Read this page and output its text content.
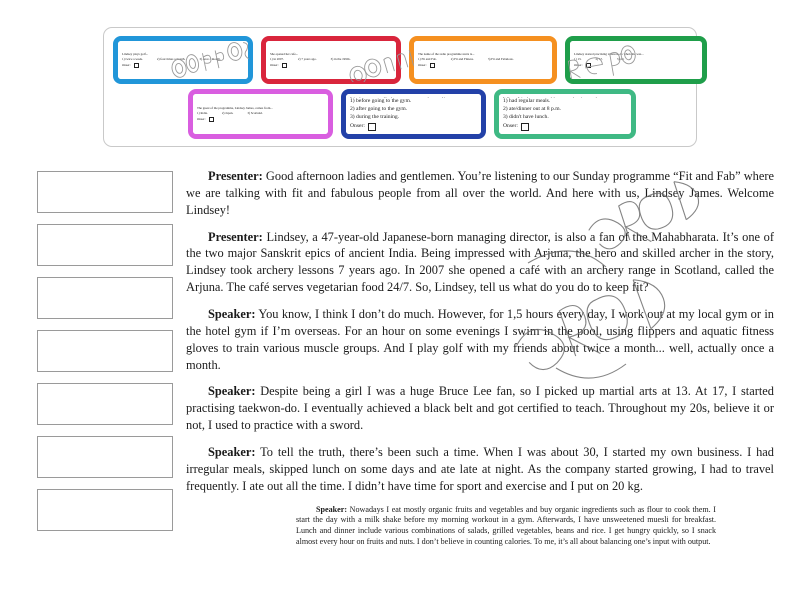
Lindsey plays golf...
1) twice a week.	2) four times a month.	3) once a month.
Onser:
She opened her cafe...
1) in 2007.	2) 7 years ago.	3) in the 1990s.
Onser:
The name of the radio programme starts is...
1) Fit and Fab.	2) Fit and Fitness.	3) Fit and Fabulous.
Onser:
Lindsey started practising taekwon-do when she was...
1) 13.	2) 17.	3) 20.
Onser:
The guest of the programme, Lindsey James, comes from...
1) India.	2) Japan.	3) Scotland.
Onser:
1) before going to the gym.
2) after going to the gym.
3) during the training.
Onser:
1) had regular meals.
2) ate/dinner out at 8 p.m.
3) didn't have lunch.
Onser:

Presenter: Good afternoon ladies and gentlemen. You’re listening to our Sunday programme “Fit and Fab” where we are talking with fit and fabulous people from all over the world. And here with us, Lindsey James. Welcome Lindsey!

Presenter: Lindsey, a 47-year-old Japanese-born managing director, is also a fan of the Mahabharata. It’s one of the two major Sanskrit epics of ancient India. Being impressed with Arjuna, the hero and skilled archer in the story, Lindsey took archery lessons 7 years ago. In 2007 she opened a café with an archery range in Scotland, called the Arjuna. The café serves vegetarian food 24/7. So, Lindsey, tell us what do you do to keep fit?

Speaker: You know, I think I don’t do much. However, for 1,5 hours every day, I work out at my local gym or in the hotel gym if I’m overseas. For an hour on some evenings I swim in the pool, using flippers and aquatic fitness gloves to train various muscle groups. And I play golf with my friends about twice a month... well, actually once a month.

Speaker: Despite being a girl I was a huge Bruce Lee fan, so I picked up martial arts at 13. At 17, I started practising taekwon-do. I eventually achieved a black belt and got certified to teach. Throughout my 20s, believe it or not, I used to practice with a sword.

Speaker: To tell the truth, there’s been such a time. When I was about 30, I started my own business. I had irregular meals, skipped lunch on some days and ate late at night. As the company started growing, I had to travel frequently. I ate out all the time. I didn’t have time for sport and exercise and I put on 20 kg.

Speaker: Nowadays I eat mostly organic fruits and vegetables and buy organic ingredients such as flour to cook them. I start the day with a milk shake before my morning workout in a gym. Afterwards, I have unsweetened muesli for breakfast. Lunch and dinner include various combinations of salads, grilled vegetables, beans and rice. I get hungry quickly, so I snack almost every hour on fruits and nuts. I don’t believe in counting calories. To me, it’s all about balancing one’s input with output.
